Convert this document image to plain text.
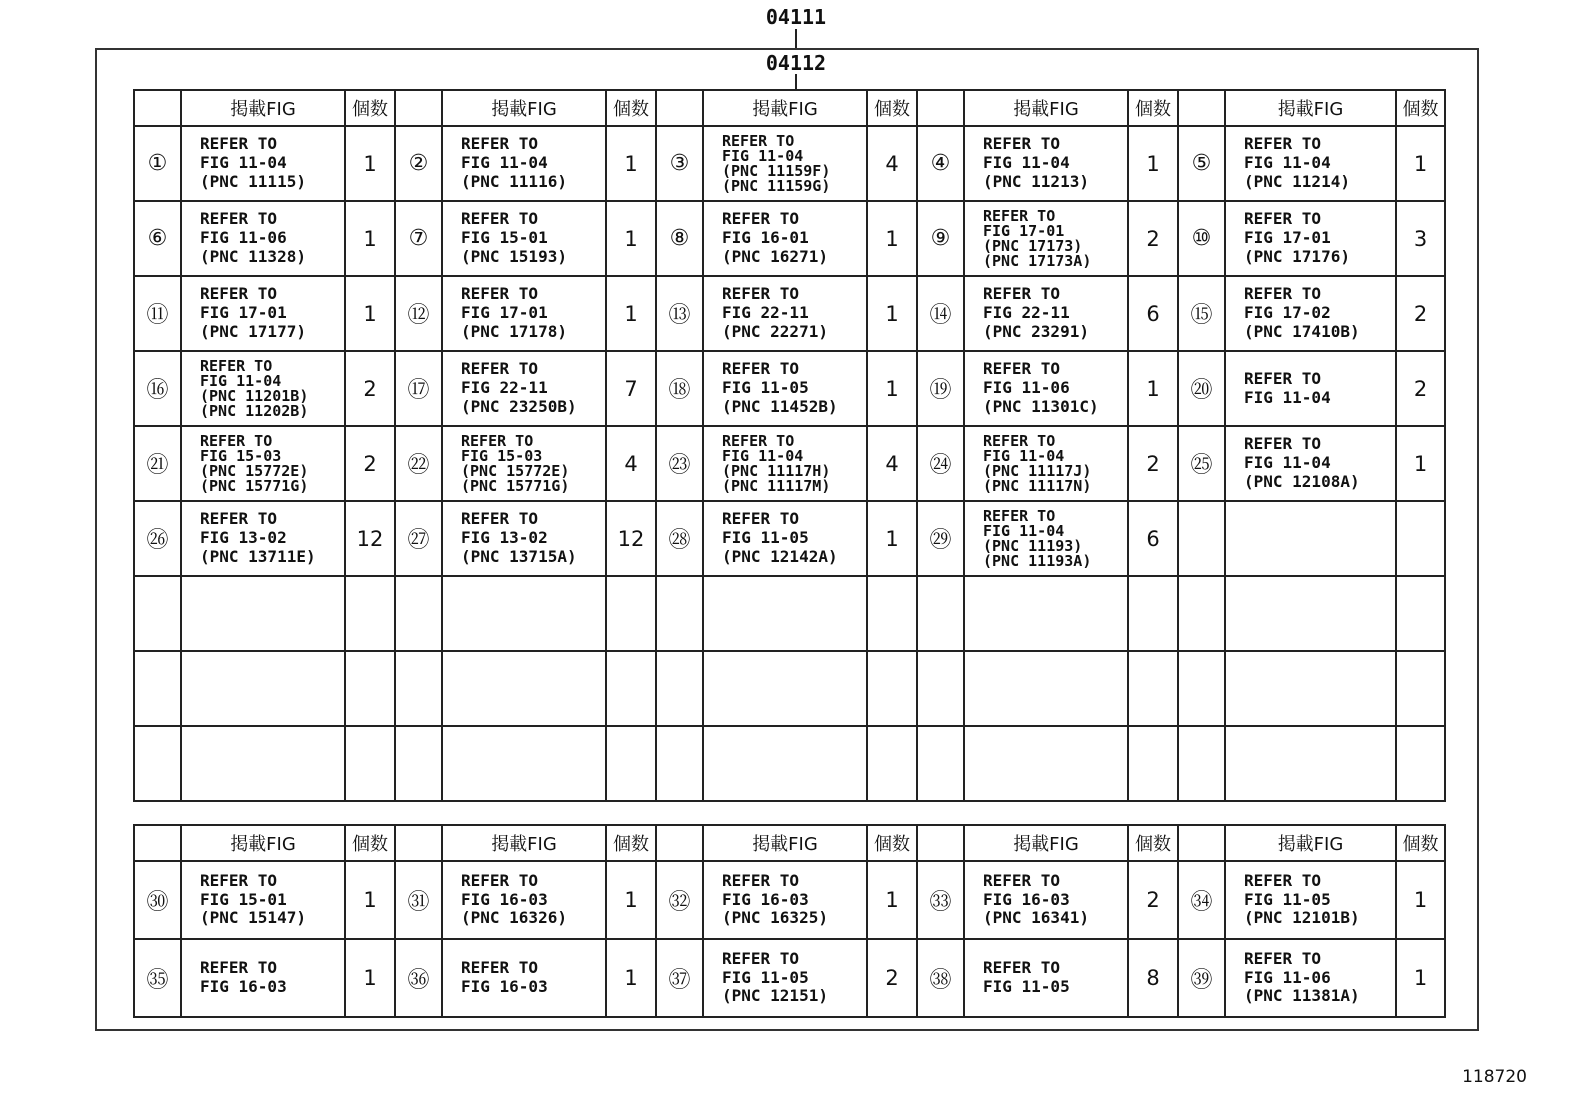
04111
04112
	掲載FIG	個数		掲載FIG	個数		掲載FIG	個数		掲載FIG	個数		掲載FIG	個数
①	REFER TO
FIG 11-04
(PNC 11115)	1	②	REFER TO
FIG 11-04
(PNC 11116)	1	③	REFER TO
FIG 11-04
(PNC 11159F)
(PNC 11159G)	4	④	REFER TO
FIG 11-04
(PNC 11213)	1	⑤	REFER TO
FIG 11-04
(PNC 11214)	1
⑥	REFER TO
FIG 11-06
(PNC 11328)	1	⑦	REFER TO
FIG 15-01
(PNC 15193)	1	⑧	REFER TO
FIG 16-01
(PNC 16271)	1	⑨	REFER TO
FIG 17-01
(PNC 17173)
(PNC 17173A)	2	⑩	REFER TO
FIG 17-01
(PNC 17176)	3
⑪	REFER TO
FIG 17-01
(PNC 17177)	1	⑫	REFER TO
FIG 17-01
(PNC 17178)	1	⑬	REFER TO
FIG 22-11
(PNC 22271)	1	⑭	REFER TO
FIG 22-11
(PNC 23291)	6	⑮	REFER TO
FIG 17-02
(PNC 17410B)	2
⑯	REFER TO
FIG 11-04
(PNC 11201B)
(PNC 11202B)	2	⑰	REFER TO
FIG 22-11
(PNC 23250B)	7	⑱	REFER TO
FIG 11-05
(PNC 11452B)	1	⑲	REFER TO
FIG 11-06
(PNC 11301C)	1	⑳	REFER TO
FIG 11-04	2
㉑	REFER TO
FIG 15-03
(PNC 15772E)
(PNC 15771G)	2	㉒	REFER TO
FIG 15-03
(PNC 15772E)
(PNC 15771G)	4	㉓	REFER TO
FIG 11-04
(PNC 11117H)
(PNC 11117M)	4	㉔	REFER TO
FIG 11-04
(PNC 11117J)
(PNC 11117N)	2	㉕	REFER TO
FIG 11-04
(PNC 12108A)	1
㉖	REFER TO
FIG 13-02
(PNC 13711E)	12	㉗	REFER TO
FIG 13-02
(PNC 13715A)	12	㉘	REFER TO
FIG 11-05
(PNC 12142A)	1	㉙	REFER TO
FIG 11-04
(PNC 11193)
(PNC 11193A)	6			

	掲載FIG	個数		掲載FIG	個数		掲載FIG	個数		掲載FIG	個数		掲載FIG	個数
㉚	REFER TO
FIG 15-01
(PNC 15147)	1	㉛	REFER TO
FIG 16-03
(PNC 16326)	1	㉜	REFER TO
FIG 16-03
(PNC 16325)	1	㉝	REFER TO
FIG 16-03
(PNC 16341)	2	㉞	REFER TO
FIG 11-05
(PNC 12101B)	1
㉟	REFER TO
FIG 16-03	1	㊱	REFER TO
FIG 16-03	1	㊲	REFER TO
FIG 11-05
(PNC 12151)	2	㊳	REFER TO
FIG 11-05	8	㊴	REFER TO
FIG 11-06
(PNC 11381A)	1
118720
